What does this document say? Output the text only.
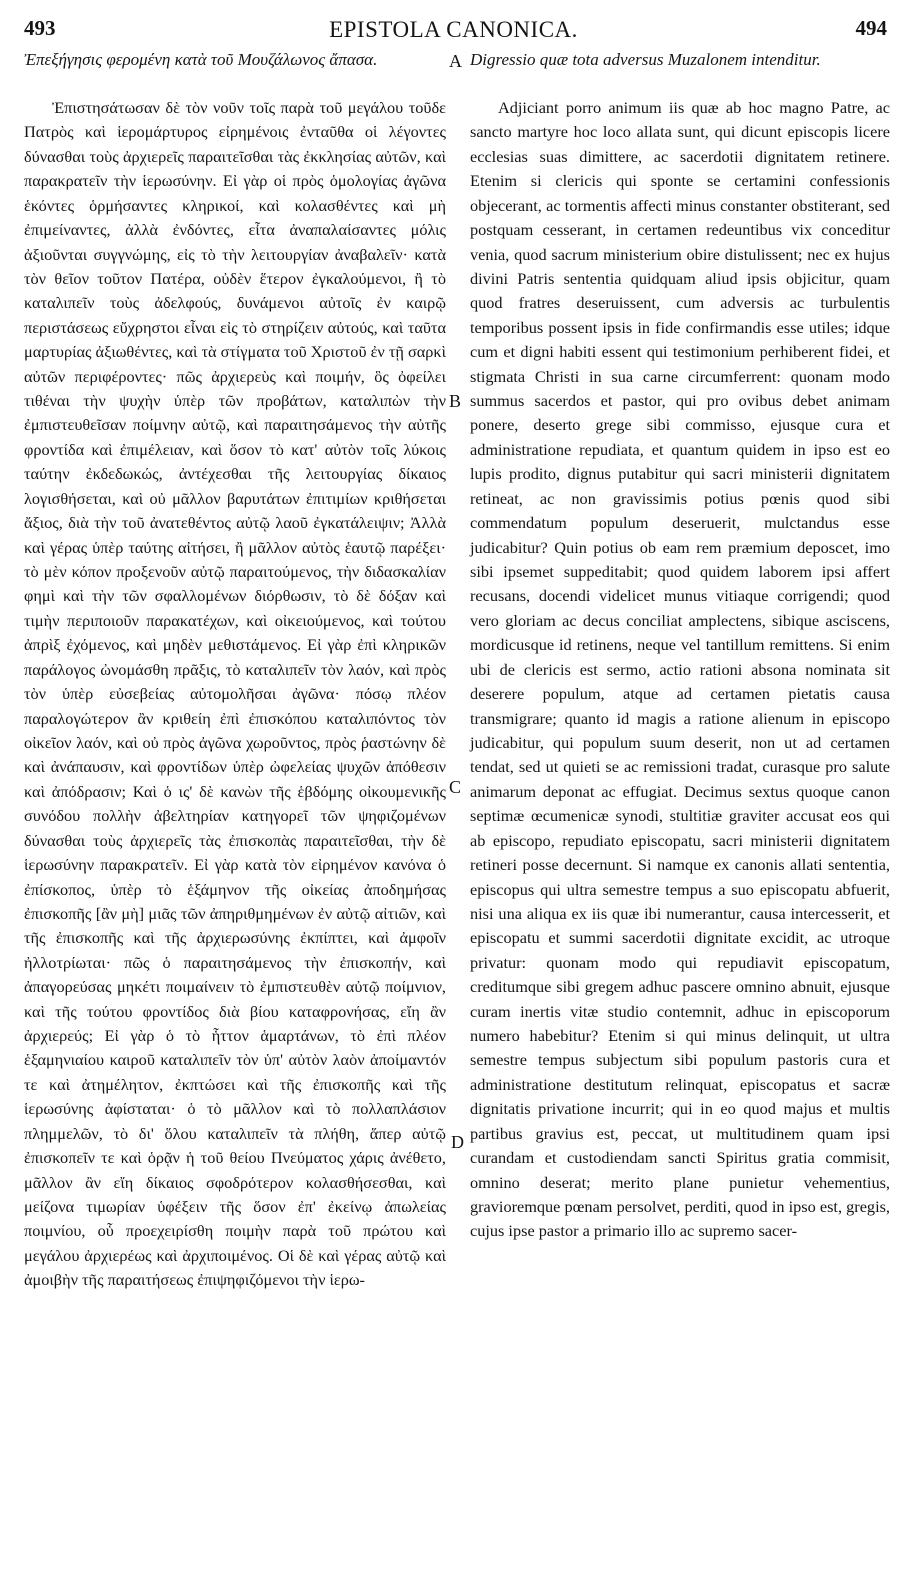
493	EPISTOLA CANONICA.	494
Ἐπεξήγησις φερομένη κατὰ τοῦ Μουζάλωνος ἄπασα.	Digressio quæ tota adversus Muzalonem intenditur.
A
B
C
D

Ἐπιστησάτωσαν δὲ τὸν νοῦν τοῖς παρὰ τοῦ μεγάλου τοῦδε Πατρὸς καὶ ἱερομάρτυρος εἰρημένοις ἐνταῦθα οἱ λέγοντες δύνασθαι τοὺς ἀρχιερεῖς παραιτεῖσθαι τὰς ἐκκλησίας αὐτῶν, καὶ παρακρατεῖν τὴν ἱερωσύνην. Εἰ γὰρ οἱ πρὸς ὁμολογίας ἀγῶνα ἑκόντες ὁρμήσαντες κληρικοί, καὶ κολασθέντες καὶ μὴ ἐπιμείναντες, ἀλλὰ ἐνδόντες, εἶτα ἀναπαλαίσαντες μόλις ἀξιοῦνται συγγνώμης, εἰς τὸ τὴν λειτουργίαν ἀναβαλεῖν· κατὰ τὸν θεῖον τοῦτον Πατέρα, οὐδὲν ἕτερον ἐγκαλούμενοι, ἢ τὸ καταλιπεῖν τοὺς ἀδελφούς, δυνάμενοι αὐτοῖς ἐν καιρῷ περιστάσεως εὔχρηστοι εἶναι εἰς τὸ στηρίζειν αὐτούς, καὶ ταῦτα μαρτυρίας ἀξιωθέντες, καὶ τὰ στίγματα τοῦ Χριστοῦ ἐν τῇ σαρκὶ αὐτῶν περιφέροντες· πῶς ἀρχιερεὺς καὶ ποιμήν, ὃς ὀφείλει τιθέναι τὴν ψυχὴν ὑπὲρ τῶν προβάτων, καταλιπὼν τὴν ἐμπιστευθεῖσαν ποίμνην αὐτῷ, καὶ παραιτησάμενος τὴν αὐτῆς φροντίδα καὶ ἐπιμέλειαν, καὶ ὅσον τὸ κατ' αὐτὸν τοῖς λύκοις ταύτην ἐκδεδωκώς, ἀντέχεσθαι τῆς λειτουργίας δίκαιος λογισθήσεται, καὶ οὐ μᾶλλον βαρυτάτων ἐπιτιμίων κριθήσεται ἄξιος, διὰ τὴν τοῦ ἀνατεθέντος αὐτῷ λαοῦ ἐγκατάλειψιν; Ἀλλὰ καὶ γέρας ὑπὲρ ταύτης αἰτήσει, ἢ μᾶλλον αὐτὸς ἑαυτῷ παρέξει· τὸ μὲν κόπον προξενοῦν αὐτῷ παραιτούμενος, τὴν διδασκαλίαν φημὶ καὶ τὴν τῶν σφαλλομένων διόρθωσιν, τὸ δὲ δόξαν καὶ τιμὴν περιποιοῦν παρακατέχων, καὶ οἰκειούμενος, καὶ τούτου ἀπρὶξ ἐχόμενος, καὶ μηδὲν μεθιστάμενος. Εἰ γὰρ ἐπὶ κληρικῶν παράλογος ὠνομάσθη πρᾶξις, τὸ καταλιπεῖν τὸν λαόν, καὶ πρὸς τὸν ὑπὲρ εὐσεβείας αὐτομολῆσαι ἀγῶνα· πόσῳ πλέον παραλογώτερον ἂν κριθείη ἐπὶ ἐπισκόπου καταλιπόντος τὸν οἰκεῖον λαόν, καὶ οὐ πρὸς ἀγῶνα χωροῦντος, πρὸς ῥαστώνην δὲ καὶ ἀνάπαυσιν, καὶ φροντίδων ὑπὲρ ὠφελείας ψυχῶν ἀπόθεσιν καὶ ἀπόδρασιν; Καὶ ὁ ις' δὲ κανὼν τῆς ἑβδόμης οἰκουμενικῆς συνόδου πολλὴν ἀβελτηρίαν κατηγορεῖ τῶν ψηφιζομένων δύνασθαι τοὺς ἀρχιερεῖς τὰς ἐπισκοπὰς παραιτεῖσθαι, τὴν δὲ ἱερωσύνην παρακρατεῖν. Εἰ γὰρ κατὰ τὸν εἰρημένον κανόνα ὁ ἐπίσκοπος, ὑπὲρ τὸ ἑξάμηνον τῆς οἰκείας ἀποδημήσας ἐπισκοπῆς [ἂν μὴ] μιᾶς τῶν ἀπηριθμημένων ἐν αὐτῷ αἰτιῶν, καὶ τῆς ἐπισκοπῆς καὶ τῆς ἀρχιερωσύνης ἐκπίπτει, καὶ ἀμφοῖν ἠλλοτρίωται· πῶς ὁ παραιτησάμενος τὴν ἐπισκοπήν, καὶ ἀπαγορεύσας μηκέτι ποιμαίνειν τὸ ἐμπιστευθὲν αὐτῷ ποίμνιον, καὶ τῆς τούτου φροντίδος διὰ βίου καταφρονήσας, εἴη ἂν ἀρχιερεύς; Εἰ γὰρ ὁ τὸ ἧττον ἁμαρτάνων, τὸ ἐπὶ πλέον ἑξαμηνιαίου καιροῦ καταλιπεῖν τὸν ὑπ' αὐτὸν λαὸν ἀποίμαντόν τε καὶ ἀτημέλητον, ἐκπτώσει καὶ τῆς ἐπισκοπῆς καὶ τῆς ἱερωσύνης ἀφίσταται· ὁ τὸ μᾶλλον καὶ τὸ πολλαπλάσιον πλημμελῶν, τὸ δι' ὅλου καταλιπεῖν τὰ πλήθη, ἅπερ αὐτῷ ἐπισκοπεῖν τε καὶ ὁρᾷν ἡ τοῦ θείου Πνεύματος χάρις ἀνέθετο, μᾶλλον ἂν εἴη δίκαιος σφοδρότερον κολασθήσεσθαι, καὶ μείζονα τιμωρίαν ὑφέξειν τῆς ὅσον ἐπ' ἐκείνῳ ἀπωλείας ποιμνίου, οὗ προεχειρίσθη ποιμὴν παρὰ τοῦ πρώτου καὶ μεγάλου ἀρχιερέως καὶ ἀρχιποιμένος. Οἱ δὲ καὶ γέρας αὐτῷ καὶ ἀμοιβὴν τῆς παραιτήσεως ἐπιψηφιζόμενοι τὴν ἱερω-

Adjiciant porro animum iis quæ ab hoc magno Patre, ac sancto martyre hoc loco allata sunt, qui dicunt episcopis licere ecclesias suas dimittere, ac sacerdotii dignitatem retinere. Etenim si clericis qui sponte se certamini confessionis objecerant, ac tormentis affecti minus constanter obstiterant, sed postquam cesserant, in certamen redeuntibus vix conceditur venia, quod sacrum ministerium obire distulissent; nec ex hujus divini Patris sententia quidquam aliud ipsis objicitur, quam quod fratres deseruissent, cum adversis ac turbulentis temporibus possent ipsis in fide confirmandis esse utiles; idque cum et digni habiti essent qui testimonium perhiberent fidei, et stigmata Christi in sua carne circumferrent: quonam modo summus sacerdos et pastor, qui pro ovibus debet animam ponere, deserto grege sibi commisso, ejusque cura et administratione repudiata, et quantum quidem in ipso est eo lupis prodito, dignus putabitur qui sacri ministerii dignitatem retineat, ac non gravissimis potius pœnis quod sibi commendatum populum deseruerit, mulctandus esse judicabitur? Quin potius ob eam rem præmium deposcet, imo sibi ipsemet suppeditabit; quod quidem laborem ipsi affert recusans, docendi videlicet munus vitiaque corrigendi; quod vero gloriam ac decus conciliat amplectens, sibique asciscens, mordicusque id retinens, neque vel tantillum remittens. Si enim ubi de clericis est sermo, actio rationi absona nominata sit deserere populum, atque ad certamen pietatis causa transmigrare; quanto id magis a ratione alienum in episcopo judicabitur, qui populum suum deserit, non ut ad certamen tendat, sed ut quieti se ac remissioni tradat, curasque pro salute animarum deponat ac effugiat. Decimus sextus quoque canon septimæ œcumenicæ synodi, stultitiæ graviter accusat eos qui ab episcopo, repudiato episcopatu, sacri ministerii dignitatem retineri posse decernunt. Si namque ex canonis allati sententia, episcopus qui ultra semestre tempus a suo episcopatu abfuerit, nisi una aliqua ex iis quæ ibi numerantur, causa intercesserit, et episcopatu et summi sacerdotii dignitate excidit, ac utroque privatur: quonam modo qui repudiavit episcopatum, creditumque sibi gregem adhuc pascere omnino abnuit, ejusque curam inertis vitæ studio contemnit, adhuc in episcoporum numero habebitur? Etenim si qui minus delinquit, ut ultra semestre tempus subjectum sibi populum pastoris cura et administratione destitutum relinquat, episcopatus et sacræ dignitatis privatione incurrit; qui in eo quod majus et multis partibus gravius est, peccat, ut multitudinem quam ipsi curandam et custodiendam sancti Spiritus gratia commisit, omnino deserat; merito plane punietur vehementius, gravioremque pœnam persolvet, perditi, quod in ipso est, gregis, cujus ipse pastor a primario illo ac supremo sacer-
